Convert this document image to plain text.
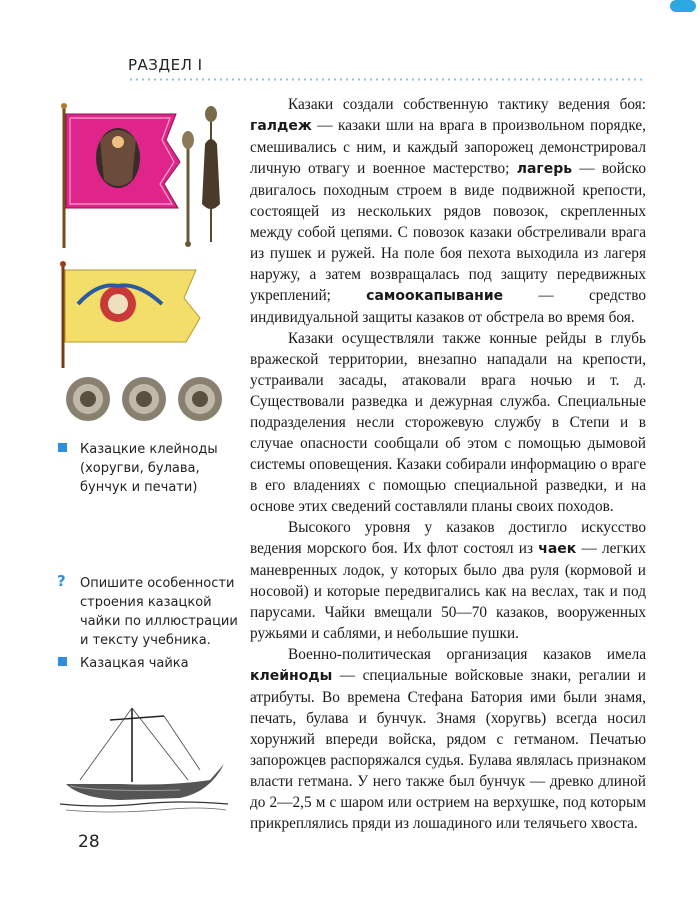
РАЗДЕЛ I
Казацкие клейноды (хоругви, булава, бунчук и печати)
? Опишите особенности строения казацкой чайки по иллюстрации и тексту учебника.
Казацкая чайка

Казаки создали собственную тактику ведения боя: галдеж — казаки шли на врага в произвольном порядке, смешивались с ним, и каждый запорожец демонстрировал личную отвагу и военное мастерство; лагерь — войско двигалось походным строем в виде подвижной крепости, состоящей из нескольких рядов повозок, скрепленных между собой цепями. С повозок казаки обстреливали врага из пушек и ружей. На поле боя пехота выходила из лагеря наружу, а затем возвращалась под защиту передвижных укреплений; самоокапывание — средство индивидуальной защиты казаков от обстрела во время боя.

Казаки осуществляли также конные рейды в глубь вражеской территории, внезапно нападали на крепости, устраивали засады, атаковали врага ночью и т. д. Существовали разведка и дежурная служба. Специальные подразделения несли сторожевую службу в Степи и в случае опасности сообщали об этом с помощью дымовой системы оповещения. Казаки собирали информацию о враге в его владениях с помощью специальной разведки, и на основе этих сведений составляли планы своих походов.

Высокого уровня у казаков достигло искусство ведения морского боя. Их флот состоял из чаек — легких маневренных лодок, у которых было два руля (кормовой и носовой) и которые передвигались как на веслах, так и под парусами. Чайки вмещали 50—70 казаков, вооруженных ружьями и саблями, и небольшие пушки.

Военно-политическая организация казаков имела клейноды — специальные войсковые знаки, регалии и атрибуты. Во времена Стефана Батория ими были знамя, печать, булава и бунчук. Знамя (хоругвь) всегда носил хорунжий впереди войска, рядом с гетманом. Печатью запорожцев распоряжался судья. Булава являлась признаком власти гетмана. У него также был бунчук — древко длиной до 2—2,5 м с шаром или острием на верхушке, под которым прикреплялись пряди из лошадиного или телячьего хвоста.

28
